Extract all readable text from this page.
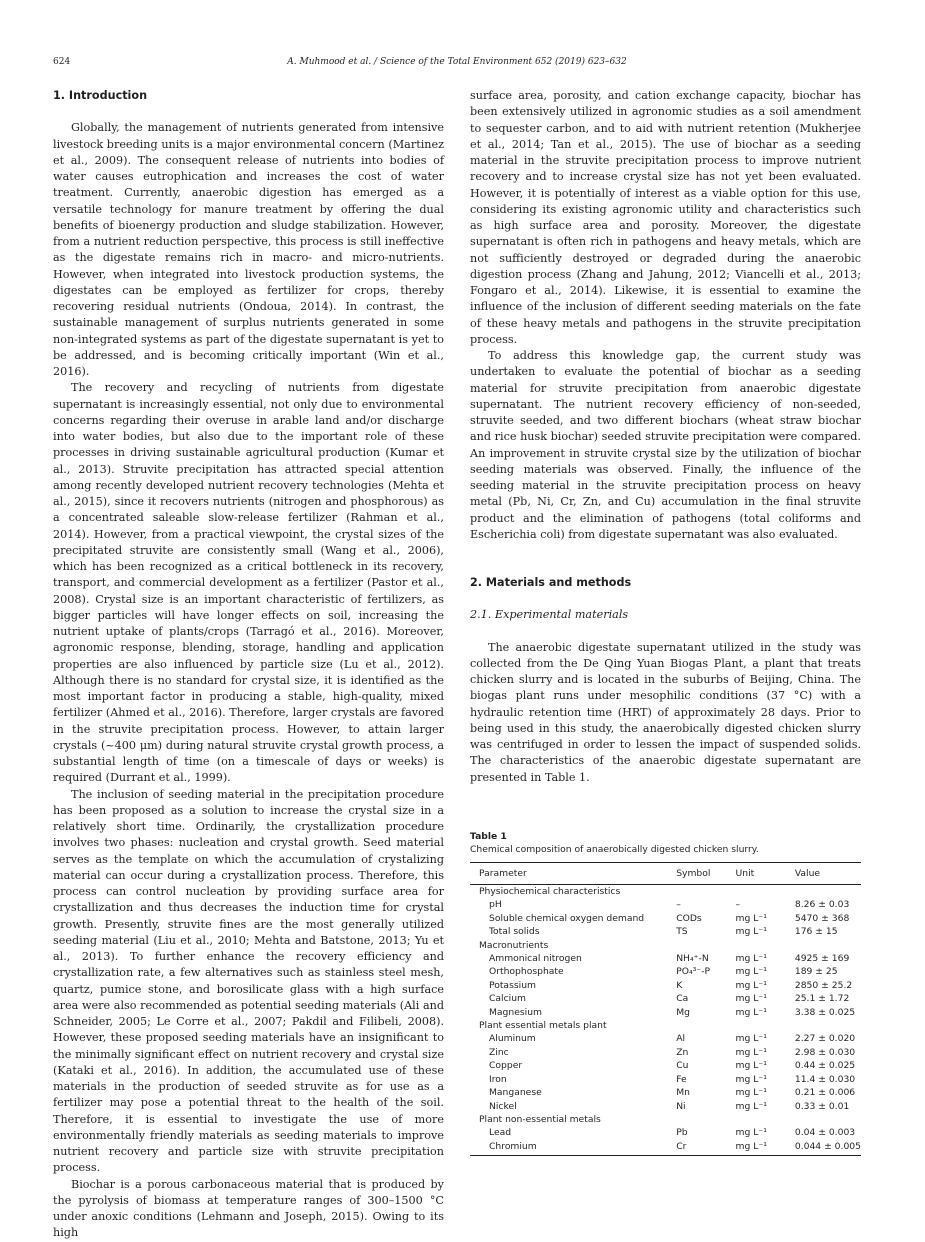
624	A. Muhmood et al. / Science of the Total Environment 652 (2019) 623–632
1. Introduction

Globally, the management of nutrients generated from intensive livestock breeding units is a major environmental concern (Martinez et al., 2009). The consequent release of nutrients into bodies of water causes eutrophication and increases the cost of water treatment. Currently, anaerobic digestion has emerged as a versatile technology for manure treatment by offering the dual benefits of bioenergy production and sludge stabilization. However, from a nutrient reduction perspective, this process is still ineffective as the digestate remains rich in macro- and micro-nutrients. However, when integrated into livestock production systems, the digestates can be employed as fertilizer for crops, thereby recovering residual nutrients (Ondoua, 2014). In contrast, the sustainable management of surplus nutrients generated in some non-integrated systems as part of the digestate supernatant is yet to be addressed, and is becoming critically important (Win et al., 2016).

The recovery and recycling of nutrients from digestate supernatant is increasingly essential, not only due to environmental concerns regarding their overuse in arable land and/or discharge into water bodies, but also due to the important role of these processes in driving sustainable agricultural production (Kumar et al., 2013). Struvite precipitation has attracted special attention among recently developed nutrient recovery technologies (Mehta et al., 2015), since it recovers nutrients (nitrogen and phosphorous) as a concentrated saleable slow-release fertilizer (Rahman et al., 2014). However, from a practical viewpoint, the crystal sizes of the precipitated struvite are consistently small (Wang et al., 2006), which has been recognized as a critical bottleneck in its recovery, transport, and commercial development as a fertilizer (Pastor et al., 2008). Crystal size is an important characteristic of fertilizers, as bigger particles will have longer effects on soil, increasing the nutrient uptake of plants/crops (Tarragó et al., 2016). Moreover, agronomic response, blending, storage, handling and application properties are also influenced by particle size (Lu et al., 2012). Although there is no standard for crystal size, it is identified as the most important factor in producing a stable, high-quality, mixed fertilizer (Ahmed et al., 2016). Therefore, larger crystals are favored in the struvite precipitation process. However, to attain larger crystals (~400 μm) during natural struvite crystal growth process, a substantial length of time (on a timescale of days or weeks) is required (Durrant et al., 1999).

The inclusion of seeding material in the precipitation procedure has been proposed as a solution to increase the crystal size in a relatively short time. Ordinarily, the crystallization procedure involves two phases: nucleation and crystal growth. Seed material serves as the template on which the accumulation of crystalizing material can occur during a crystallization process. Therefore, this process can control nucleation by providing surface area for crystallization and thus decreases the induction time for crystal growth. Presently, struvite fines are the most generally utilized seeding material (Liu et al., 2010; Mehta and Batstone, 2013; Yu et al., 2013). To further enhance the recovery efficiency and crystallization rate, a few alternatives such as stainless steel mesh, quartz, pumice stone, and borosilicate glass with a high surface area were also recommended as potential seeding materials (Ali and Schneider, 2005; Le Corre et al., 2007; Pakdil and Filibeli, 2008). However, these proposed seeding materials have an insignificant to the minimally significant effect on nutrient recovery and crystal size (Kataki et al., 2016). In addition, the accumulated use of these materials in the production of seeded struvite as for use as a fertilizer may pose a potential threat to the health of the soil. Therefore, it is essential to investigate the use of more environmentally friendly materials as seeding materials to improve nutrient recovery and particle size with struvite precipitation process.

Biochar is a porous carbonaceous material that is produced by the pyrolysis of biomass at temperature ranges of 300–1500 °C under anoxic conditions (Lehmann and Joseph, 2015). Owing to its high

surface area, porosity, and cation exchange capacity, biochar has been extensively utilized in agronomic studies as a soil amendment to sequester carbon, and to aid with nutrient retention (Mukherjee et al., 2014; Tan et al., 2015). The use of biochar as a seeding material in the struvite precipitation process to improve nutrient recovery and to increase crystal size has not yet been evaluated. However, it is potentially of interest as a viable option for this use, considering its existing agronomic utility and characteristics such as high surface area and porosity. Moreover, the digestate supernatant is often rich in pathogens and heavy metals, which are not sufficiently destroyed or degraded during the anaerobic digestion process (Zhang and Jahung, 2012; Viancelli et al., 2013; Fongaro et al., 2014). Likewise, it is essential to examine the influence of the inclusion of different seeding materials on the fate of these heavy metals and pathogens in the struvite precipitation process.

To address this knowledge gap, the current study was undertaken to evaluate the potential of biochar as a seeding material for struvite precipitation from anaerobic digestate supernatant. The nutrient recovery efficiency of non-seeded, struvite seeded, and two different biochars (wheat straw biochar and rice husk biochar) seeded struvite precipitation were compared. An improvement in struvite crystal size by the utilization of biochar seeding materials was observed. Finally, the influence of the seeding material in the struvite precipitation process on heavy metal (Pb, Ni, Cr, Zn, and Cu) accumulation in the final struvite product and the elimination of pathogens (total coliforms and Escherichia coli) from digestate supernatant was also evaluated.

2. Materials and methods
2.1. Experimental materials

The anaerobic digestate supernatant utilized in the study was collected from the De Qing Yuan Biogas Plant, a plant that treats chicken slurry and is located in the suburbs of Beijing, China. The biogas plant runs under mesophilic conditions (37 °C) with a hydraulic retention time (HRT) of approximately 28 days. Prior to being used in this study, the anaerobically digested chicken slurry was centrifuged in order to lessen the impact of suspended solids. The characteristics of the anaerobic digestate supernatant are presented in Table 1.

Table 1
Chemical composition of anaerobically digested chicken slurry.
Parameter	Symbol	Unit	Value
Physiochemical characteristics			
pH	–	–	8.26 ± 0.03
Soluble chemical oxygen demand	CODs	mg L⁻¹	5470 ± 368
Total solids	TS	mg L⁻¹	176 ± 15
Macronutrients			
Ammonical nitrogen	NH₄⁺-N	mg L⁻¹	4925 ± 169
Orthophosphate	PO₄³⁻-P	mg L⁻¹	189 ± 25
Potassium	K	mg L⁻¹	2850 ± 25.2
Calcium	Ca	mg L⁻¹	25.1 ± 1.72
Magnesium	Mg	mg L⁻¹	3.38 ± 0.025
Plant essential metals plant			
Aluminum	Al	mg L⁻¹	2.27 ± 0.020
Zinc	Zn	mg L⁻¹	2.98 ± 0.030
Copper	Cu	mg L⁻¹	0.44 ± 0.025
Iron	Fe	mg L⁻¹	11.4 ± 0.030
Manganese	Mn	mg L⁻¹	0.21 ± 0.006
Nickel	Ni	mg L⁻¹	0.33 ± 0.01
Plant non-essential metals			
Lead	Pb	mg L⁻¹	0.04 ± 0.003
Chromium	Cr	mg L⁻¹	0.044 ± 0.005
